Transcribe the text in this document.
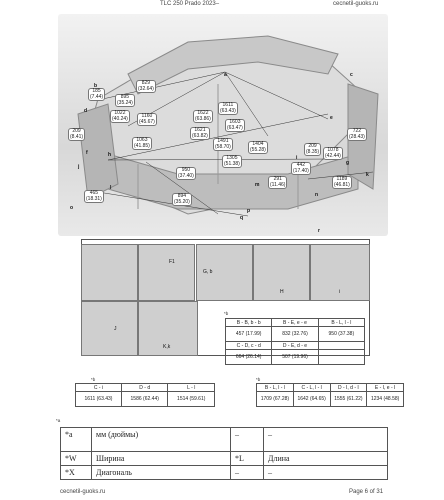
TLC 250 Prado 2023–	cecnetil-guoks.ru
829
(32.64)
895
(35.24)
185
(7.44)
1022
(40.24)	1160
(45.67)
1622
(63.86)
1611
(63.43)
1603
(63.47)
1621
(63.82)
209
(8.41)
1063
(41.85)
1491
(58.70)	1404
(55.28)
1305
(51.38)
950
(37.40)
722
(28.43)
209
(8.35)	1078
(42.44)
442
(17.40)
291
(11.46)
1189
(46.81)
894
(35.20)
465
(18.31)
a
b
c
d
e
f
g
h	i
j
k
l	m
n
o	p
q
r
F1
G, b
H	i
J
K,k
*b
B - B, b - b	B - E, e - e	B - L, l - l
457 (17.99)	832 (32.76)	950 (37.38)
C - D, c - d	D - E, d - e	
664 (26.14)	507 (19.96)	
*b
C - i	D - d	L - l
1611 (63.43)	1586 (62.44)	1514 (59.61)
*b
B - L, l - l	C - L, l - l	D - I, d - I	E - I, e - I
1709 (67.28)	1642 (64.65)	1555 (61.22)	1234 (48.58)
*a
*a	мм (дюймы)	–	–
*W	Ширина	*L	Длина
*X	Диагональ	–	–
cecnetil-guoks.ru	Page 6 of 31
